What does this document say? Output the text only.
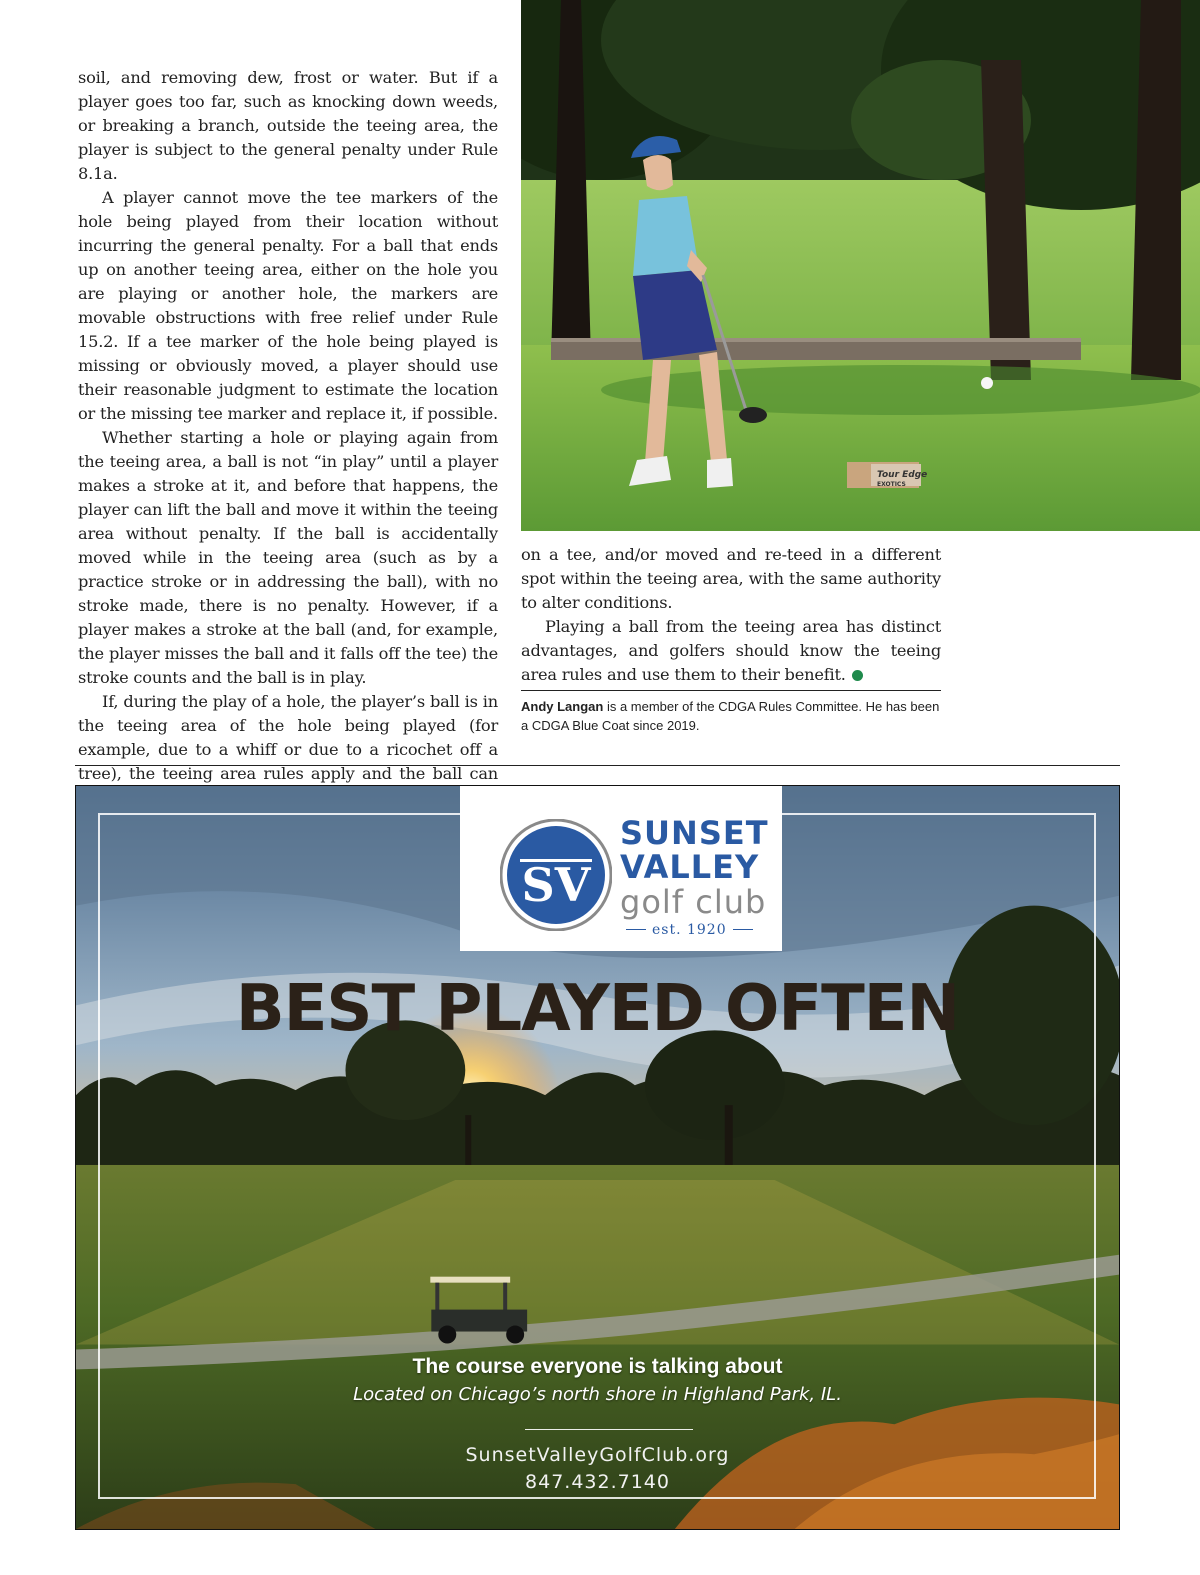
soil, and removing dew, frost or water. But if a player goes too far, such as knocking down weeds, or breaking a branch, outside the teeing area, the player is subject to the general penalty under Rule 8.1a.

A player cannot move the tee markers of the hole being played from their location without incurring the general penalty. For a ball that ends up on another teeing area, either on the hole you are playing or another hole, the markers are movable obstructions with free relief under Rule 15.2. If a tee marker of the hole being played is missing or obviously moved, a player should use their reasonable judgment to estimate the location or the missing tee marker and replace it, if possible.

Whether starting a hole or playing again from the teeing area, a ball is not “in play” until a player makes a stroke at it, and before that happens, the player can lift the ball and move it within the teeing area without penalty. If the ball is accidentally moved while in the teeing area (such as by a practice stroke or in addressing the ball), with no stroke made, there is no penalty. However, if a player makes a stroke at the ball (and, for example, the player misses the ball and it falls off the tee) the stroke counts and the ball is in play.

If, during the play of a hole, the player’s ball is in the teeing area of the hole being played (for example, due to a whiff or due to a ricochet off a tree), the teeing area rules apply and the ball can

Tour Edge
EXOTICS

on a tee, and/or moved and re-teed in a different spot within the teeing area, with the same authority to alter conditions.

Playing a ball from the teeing area has distinct advantages, and golfers should know the teeing area rules and use them to their benefit.

Andy Langan is a member of the CDGA Rules Committee. He has been a CDGA Blue Coat since 2019.
SV
SUNSET
VALLEY
golf club
est. 1920
BEST PLAYED OFTEN
The course everyone is talking about
Located on Chicago’s north shore in Highland Park, IL.
SunsetValleyGolfClub.org
847.432.7140
